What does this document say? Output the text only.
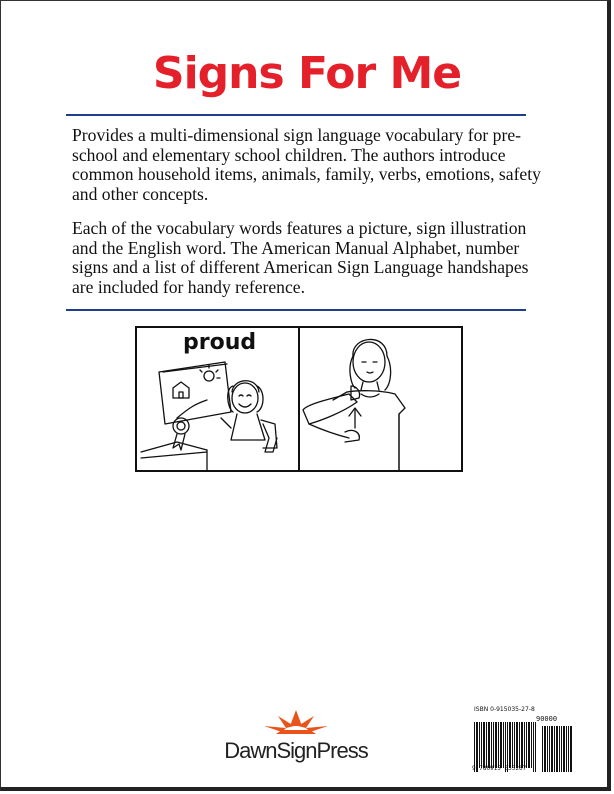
Signs For Me

Provides a multi-dimensional sign language vocabulary for pre-school and elementary school children. The authors introduce common household items, animals, family, verbs, emotions, safety and other concepts.

Each of the vocabulary words features a picture, sign illustration and the English word. The American Manual Alphabet, number signs and a list of different American Sign Language handshapes are included for handy reference.

proud
DawnSignPress
ISBN 0-915035-27-8
90000
9 780915 035267
